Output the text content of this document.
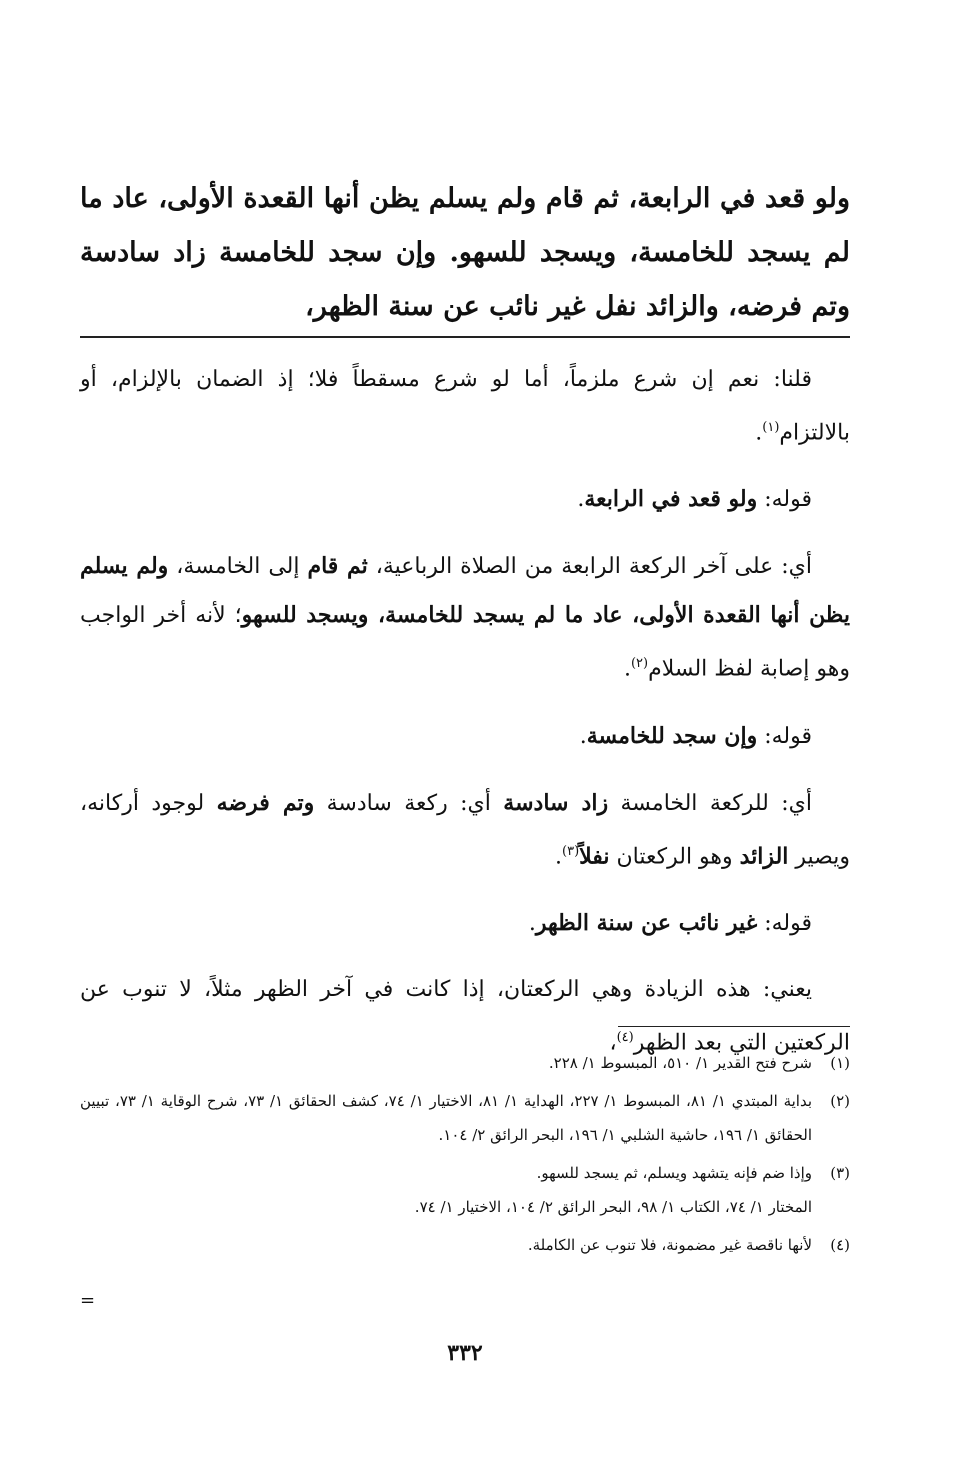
ولو قعد في الرابعة، ثم قام ولم يسلم يظن أنها القعدة الأولى، عاد ما لم يسجد للخامسة، ويسجد للسهو. وإن سجد للخامسة زاد سادسة وتم فرضه، والزائد نفل غير نائب عن سنة الظهر،

قلنا: نعم إن شرع ملزماً، أما لو شرع مسقطاً فلا؛ إذ الضمان بالإلزام، أو بالالتزام$^{(١)}$.

قوله: ولو قعد في الرابعة.

أي: على آخر الركعة الرابعة من الصلاة الرباعية، ثم قام إلى الخامسة، ولم يسلم يظن أنها القعدة الأولى، عاد ما لم يسجد للخامسة، ويسجد للسهو؛ لأنه أخر الواجب وهو إصابة لفظ السلام$^{(٢)}$.

قوله: وإن سجد للخامسة.

أي: للركعة الخامسة زاد سادسة أي: ركعة سادسة وتم فرضه لوجود أركانه، ويصير الزائد وهو الركعتان نفلاً$^{(٣)}$.

قوله: غير نائب عن سنة الظهر.

يعني: هذه الزيادة وهي الركعتان، إذا كانت في آخر الظهر مثلاً، لا تنوب عن الركعتين التي بعد الظهر$^{(٤)}$،

(١)
شرح فتح القدير ١/ ٥١٠، المبسوط ١/ ٢٢٨.
(٢)
بداية المبتدي ١/ ٨١، المبسوط ١/ ٢٢٧، الهداية ١/ ٨١، الاختيار ١/ ٧٤، كشف الحقائق ١/ ٧٣، شرح الوقاية ١/ ٧٣، تبيين الحقائق ١/ ١٩٦، حاشية الشلبي ١/ ١٩٦، البحر الرائق ٢/ ١٠٤.
(٣)
وإذا ضم فإنه يتشهد ويسلم، ثم يسجد للسهو.
المختار ١/ ٧٤، الكتاب ١/ ٩٨، البحر الرائق ٢/ ١٠٤، الاختيار ١/ ٧٤.
(٤)
لأنها ناقصة غير مضمونة، فلا تنوب عن الكاملة.
=
٣٣٢
